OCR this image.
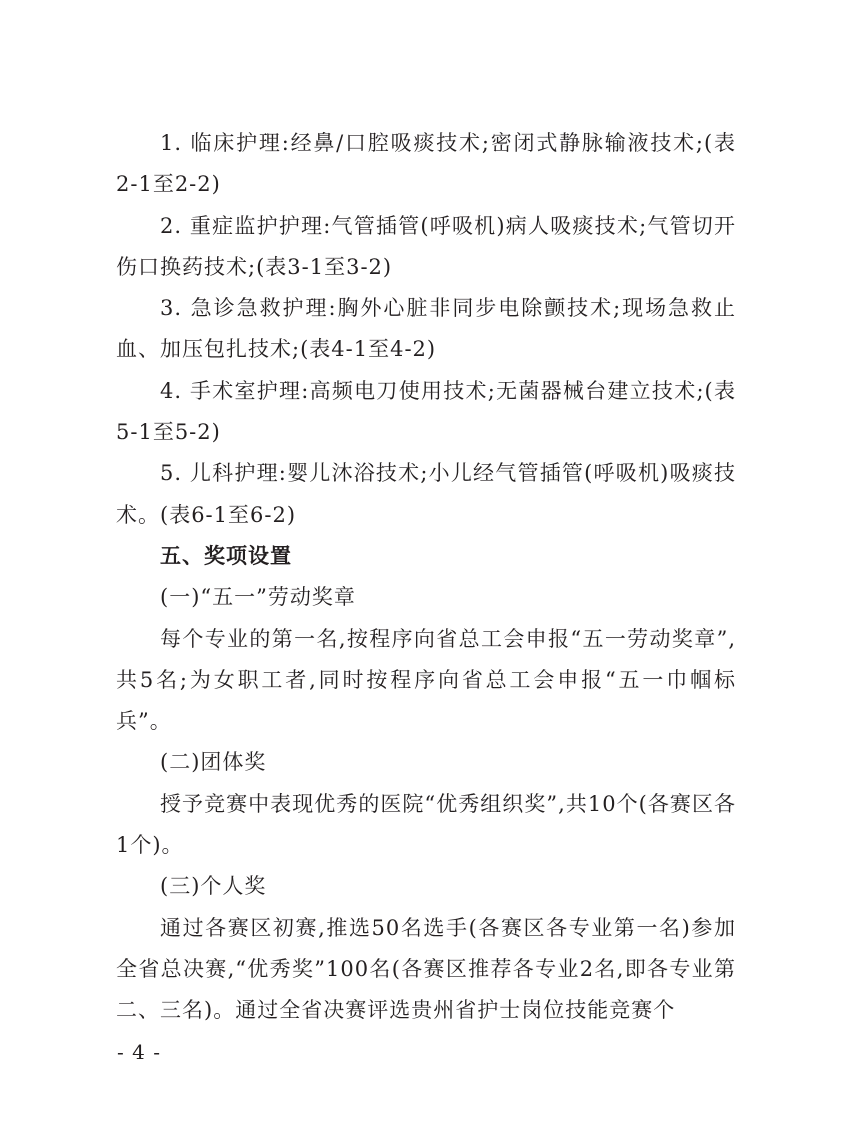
1. 临床护理:经鼻/口腔吸痰技术;密闭式静脉输液技术;(表2-1至2-2)

2. 重症监护护理:气管插管(呼吸机)病人吸痰技术;气管切开伤口换药技术;(表3-1至3-2)

3. 急诊急救护理:胸外心脏非同步电除颤技术;现场急救止血、加压包扎技术;(表4-1至4-2)

4. 手术室护理:高频电刀使用技术;无菌器械台建立技术;(表5-1至5-2)

5. 儿科护理:婴儿沐浴技术;小儿经气管插管(呼吸机)吸痰技术。(表6-1至6-2)

五、奖项设置

(一)“五一”劳动奖章

每个专业的第一名,按程序向省总工会申报“五一劳动奖章”,共5名;为女职工者,同时按程序向省总工会申报“五一巾帼标兵”。

(二)团体奖

授予竞赛中表现优秀的医院“优秀组织奖”,共10个(各赛区各1个)。

(三)个人奖

通过各赛区初赛,推选50名选手(各赛区各专业第一名)参加全省总决赛,“优秀奖”100名(各赛区推荐各专业2名,即各专业第二、三名)。通过全省决赛评选贵州省护士岗位技能竞赛个

- 4 -
